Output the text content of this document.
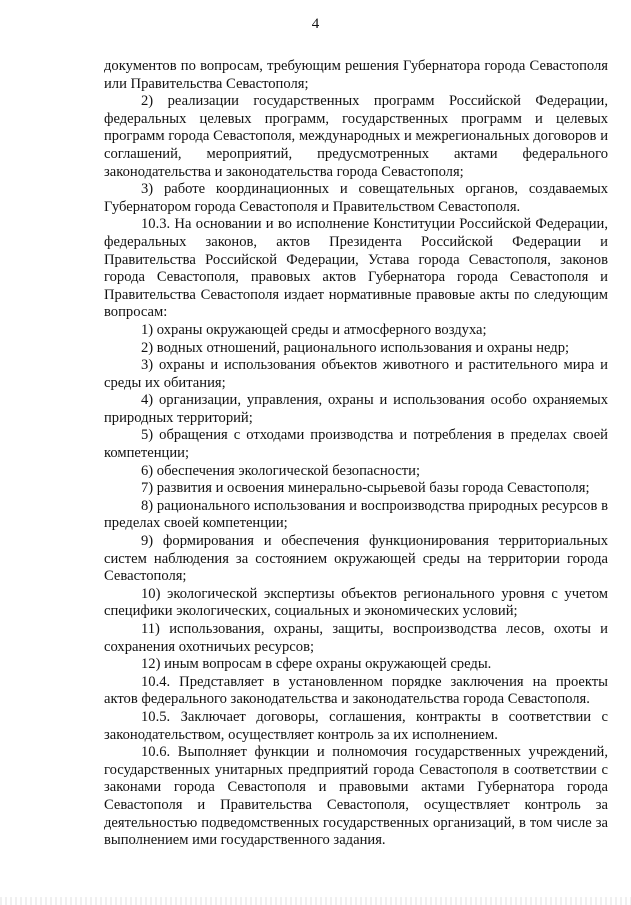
4

документов по вопросам, требующим решения Губернатора города Севастополя или Правительства Севастополя;

2) реализации государственных программ Российской Федерации, федеральных целевых программ, государственных программ и целевых программ города Севастополя, международных и межрегиональных договоров и соглашений, мероприятий, предусмотренных актами федерального законодательства и законодательства города Севастополя;

3) работе координационных и совещательных органов, создаваемых Губернатором города Севастополя и Правительством Севастополя.

10.3. На основании и во исполнение Конституции Российской Федерации, федеральных законов, актов Президента Российской Федерации и Правительства Российской Федерации, Устава города Севастополя, законов города Севастополя, правовых актов Губернатора города Севастополя и Правительства Севастополя издает нормативные правовые акты по следующим вопросам:

1) охраны окружающей среды и атмосферного воздуха;

2) водных отношений, рационального использования и охраны недр;

3) охраны и использования объектов животного и растительного мира и среды их обитания;

4) организации, управления, охраны и использования особо охраняемых природных территорий;

5) обращения с отходами производства и потребления в пределах своей компетенции;

6) обеспечения экологической безопасности;

7) развития и освоения минерально-сырьевой базы города Севастополя;

8) рационального использования и воспроизводства природных ресурсов в пределах своей компетенции;

9) формирования и обеспечения функционирования территориальных систем наблюдения за состоянием окружающей среды на территории города Севастополя;

10) экологической экспертизы объектов регионального уровня с учетом специфики экологических, социальных и экономических условий;

11) использования, охраны, защиты, воспроизводства лесов, охоты и сохранения охотничьих ресурсов;

12) иным вопросам в сфере охраны окружающей среды.

10.4. Представляет в установленном порядке заключения на проекты актов федерального законодательства и законодательства города Севастополя.

10.5. Заключает договоры, соглашения, контракты в соответствии с законодательством, осуществляет контроль за их исполнением.

10.6. Выполняет функции и полномочия государственных учреждений, государственных унитарных предприятий города Севастополя в соответствии с законами города Севастополя и правовыми актами Губернатора города Севастополя и Правительства Севастополя, осуществляет контроль за деятельностью подведомственных государственных организаций, в том числе за выполнением ими государственного задания.
